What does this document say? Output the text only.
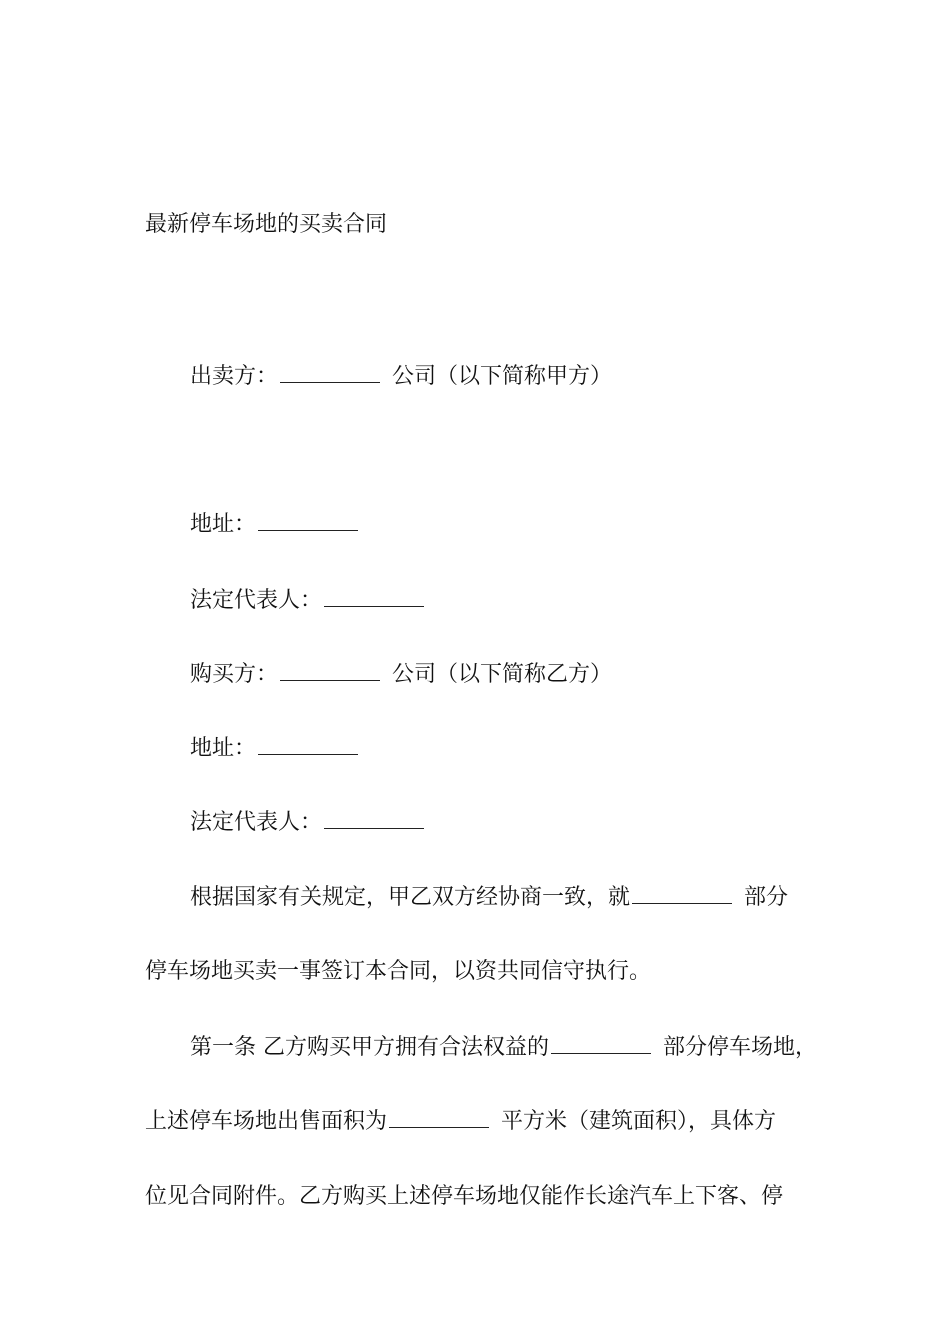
最新停车场地的买卖合同
出卖方：	公司（以下简称甲方）
地址：
法定代表人：
购买方：	公司（以下简称乙方）
地址：
法定代表人：
根据国家有关规定，甲乙双方经协商一致，就	部分
停车场地买卖一事签订本合同，以资共同信守执行。
第一条 乙方购买甲方拥有合法权益的	部分停车场地，
上述停车场地出售面积为	平方米（建筑面积），具体方
位见合同附件。乙方购买上述停车场地仅能作长途汽车上下客、停
